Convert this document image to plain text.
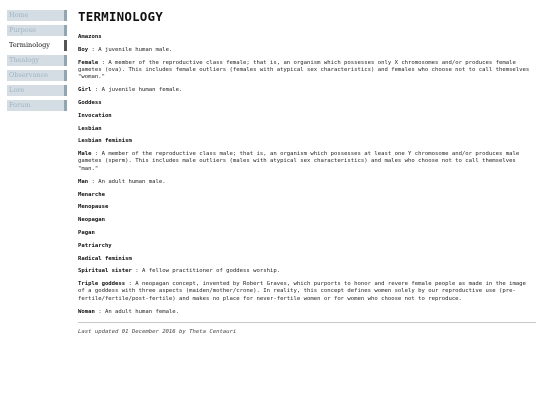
Home
Purpose
Terminology
Thealogy
Observance
Lore
Forum
TERMINOLOGY

Amazons

Boy : A juvenile human male.

Female : A member of the reproductive class female; that is, an organism which possesses only X chromosomes and/or produces female gametes (ova). This includes female outliers (females with atypical sex characteristics) and females who choose not to call themselves "woman."

Girl : A juvenile human female.

Goddess

Invocation

Lesbian

Lesbian feminism

Male : A member of the reproductive class male; that is, an organism which possesses at least one Y chromosome and/or produces male gametes (sperm). This includes male outliers (males with atypical sex characteristics) and males who choose not to call themselves "man."

Man : An adult human male.

Menarche

Menopause

Neopagan

Pagan

Patriarchy

Radical feminism

Spiritual sister : A fellow practitioner of goddess worship.

Triple goddess : A neopagan concept, invented by Robert Graves, which purports to honor and revere female people as made in the image of a goddess with three aspects (maiden/mother/crone). In reality, this concept defines women solely by our reproductive use (pre-fertile/fertile/post-fertile) and makes no place for never-fertile women or for women who choose not to reproduce.

Woman : An adult human female.

Last updated 01 December 2016 by Theta Centauri
